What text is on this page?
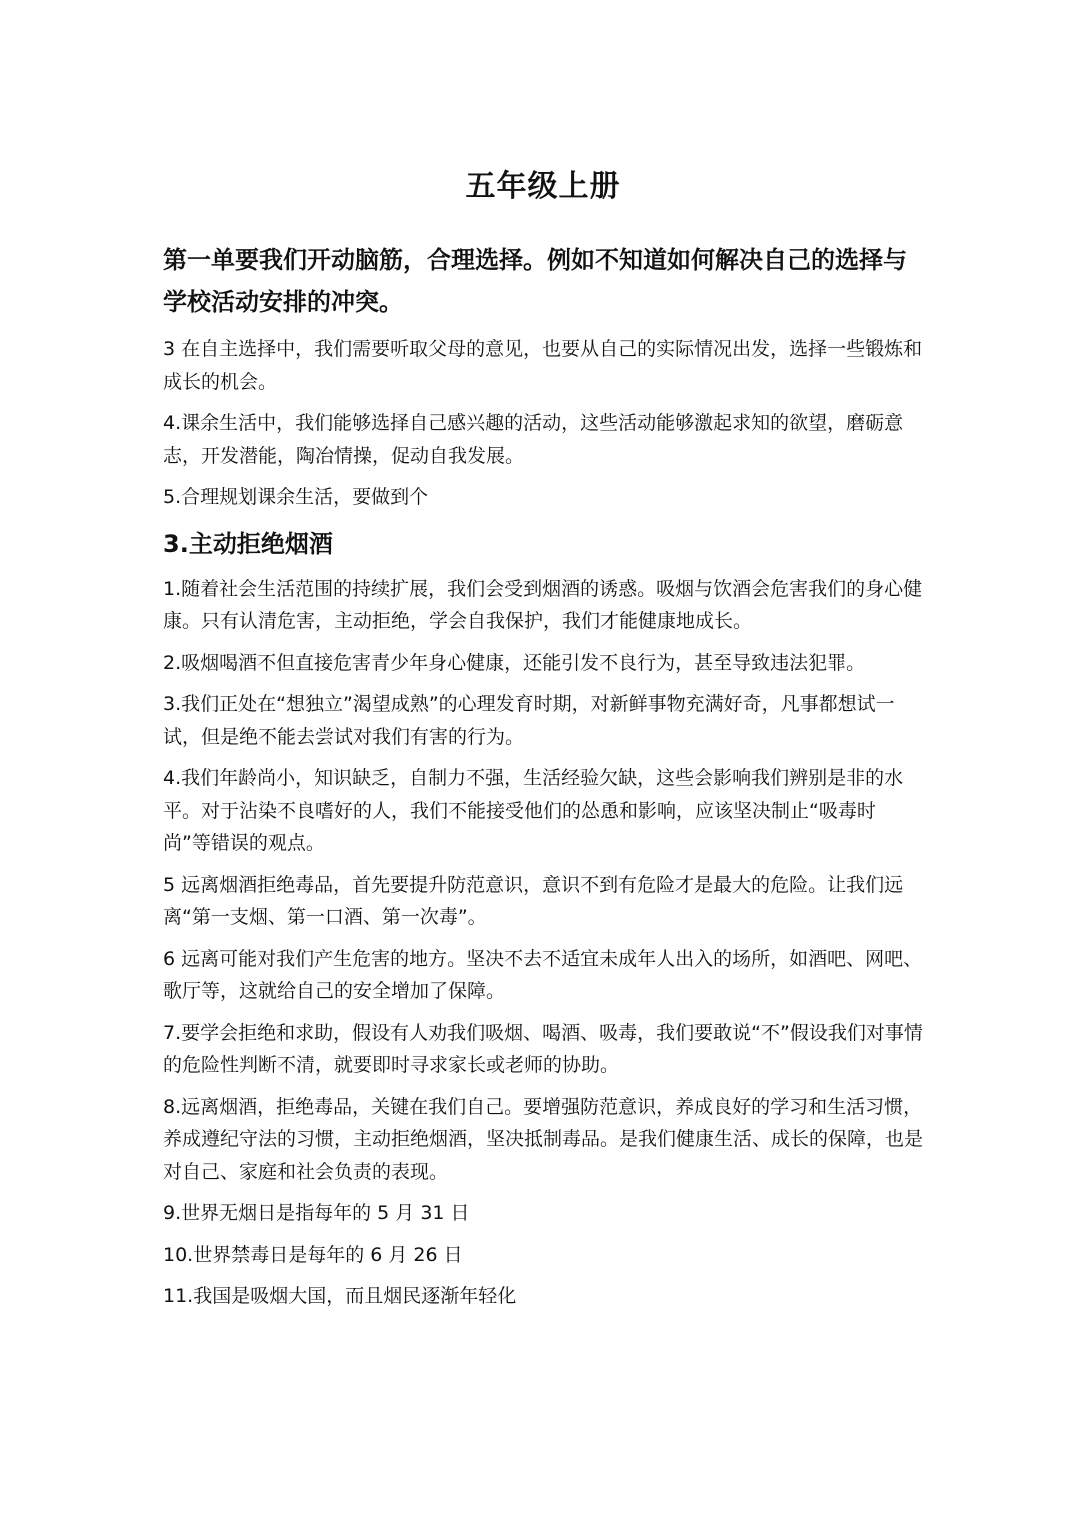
五年级上册
第一单要我们开动脑筋，合理选择。例如不知道如何解决自己的选择与学校活动安排的冲突。

3 在自主选择中，我们需要听取父母的意见，也要从自己的实际情况出发，选择一些锻炼和成长的机会。

4.课余生活中，我们能够选择自己感兴趣的活动，这些活动能够激起求知的欲望，磨砺意志，开发潜能，陶冶情操，促动自我发展。

5.合理规划课余生活，要做到个

3.主动拒绝烟酒

1.随着社会生活范围的持续扩展，我们会受到烟酒的诱惑。吸烟与饮酒会危害我们的身心健康。只有认清危害，主动拒绝，学会自我保护，我们才能健康地成长。

2.吸烟喝酒不但直接危害青少年身心健康，还能引发不良行为，甚至导致违法犯罪。

3.我们正处在“想独立”渴望成熟”的心理发育时期，对新鲜事物充满好奇，凡事都想试一试，但是绝不能去尝试对我们有害的行为。

4.我们年龄尚小，知识缺乏，自制力不强，生活经验欠缺，这些会影响我们辨别是非的水平。对于沾染不良嗜好的人，我们不能接受他们的怂恿和影响，应该坚决制止“吸毒时尚”等错误的观点。

5 远离烟酒拒绝毒品，首先要提升防范意识，意识不到有危险才是最大的危险。让我们远离“第一支烟、第一口酒、第一次毒”。

6 远离可能对我们产生危害的地方。坚决不去不适宜未成年人出入的场所，如酒吧、网吧、歌厅等，这就给自己的安全增加了保障。

7.要学会拒绝和求助，假设有人劝我们吸烟、喝酒、吸毒，我们要敢说“不”假设我们对事情的危险性判断不清，就要即时寻求家长或老师的协助。

8.远离烟酒，拒绝毒品，关键在我们自己。要增强防范意识，养成良好的学习和生活习惯，养成遵纪守法的习惯，主动拒绝烟酒，坚决抵制毒品。是我们健康生活、成长的保障，也是对自己、家庭和社会负责的表现。

9.世界无烟日是指每年的 5 月 31 日

10.世界禁毒日是每年的 6 月 26 日

11.我国是吸烟大国，而且烟民逐渐年轻化
